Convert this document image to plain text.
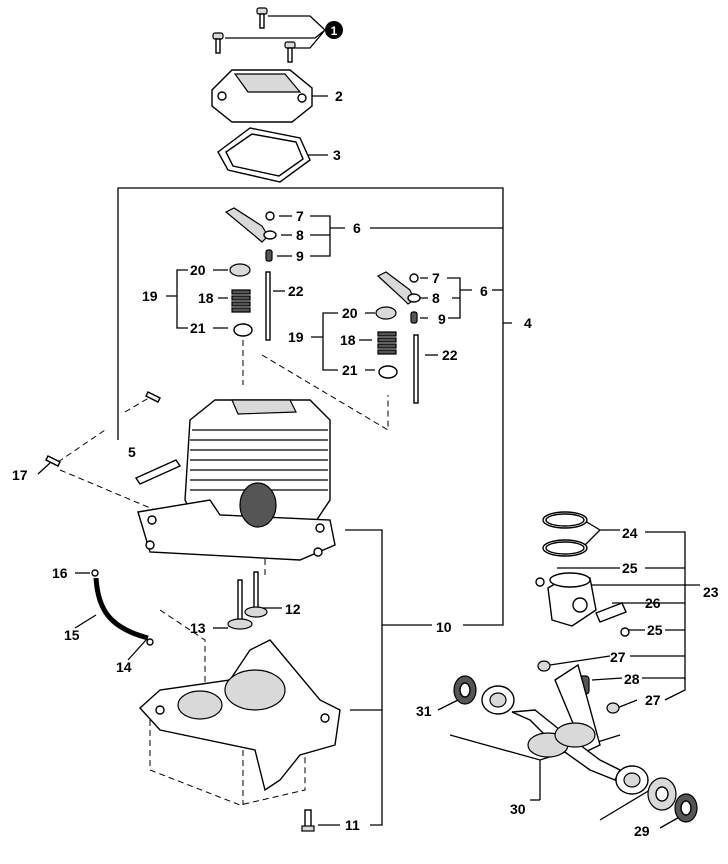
1
2
3
4
5
6
6
7
8
9
7
8
9
10
11
12
13
14
15
16
17
18
19
20
21
22
18
19
20
21
22
23
24
25
25
26
27
27
28
29
30
31
